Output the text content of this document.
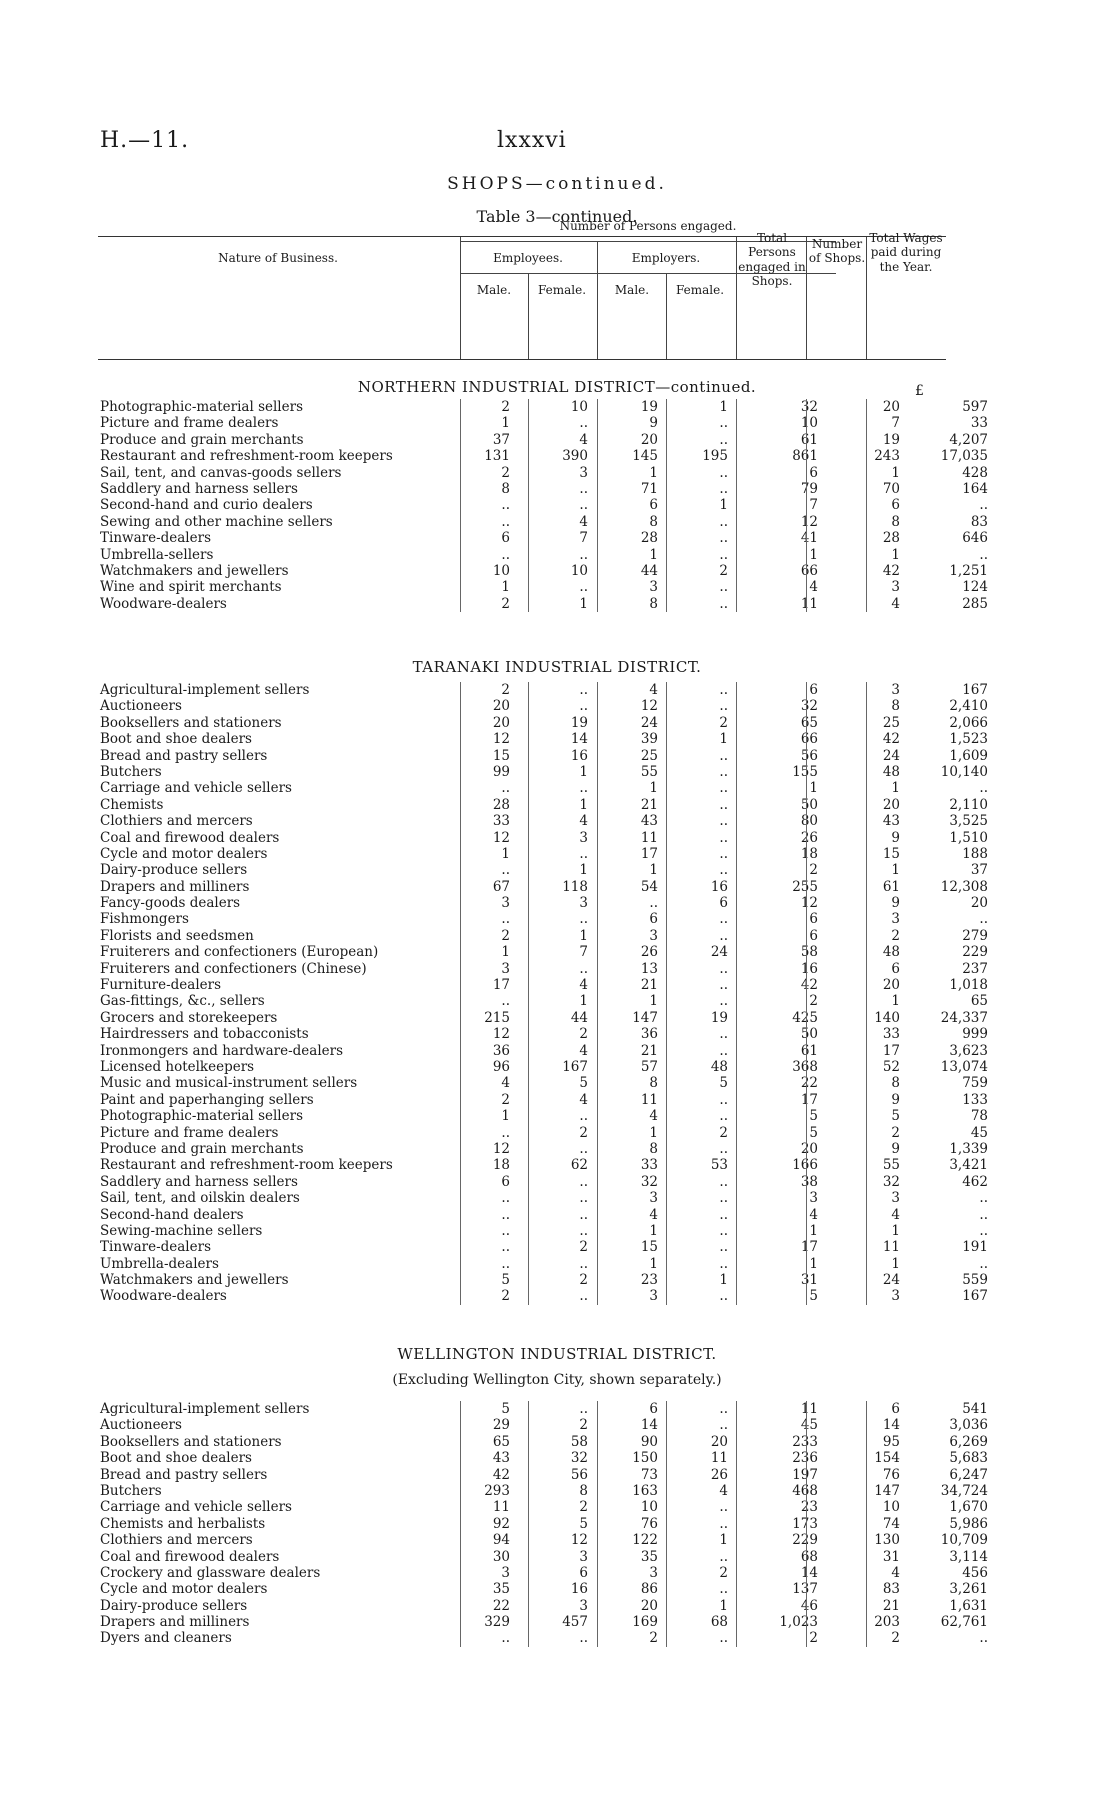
H.—11.	lxxxvi
SHOPS—continued.
Table 3—continued.
Nature of Business.
Number of Persons engaged.
Employees.	Employers.
Male.	Female.	Male.	Female.
Total Persons engaged in Shops.
Number of Shops.
Total Wages paid during the Year.
£
NORTHERN INDUSTRIAL DISTRICT—continued.
Photographic-material sellers	2	10	19	1	32	20	597
Picture and frame dealers	1	..	9	..	10	7	33
Produce and grain merchants	37	4	20	..	61	19	4,207
Restaurant and refreshment-room keepers	131	390	145	195	861	243	17,035
Sail, tent, and canvas-goods sellers	2	3	1	..	6	1	428
Saddlery and harness sellers	8	..	71	..	79	70	164
Second-hand and curio dealers	..	..	6	1	7	6	..
Sewing and other machine sellers	..	4	8	..	12	8	83
Tinware-dealers	6	7	28	..	41	28	646
Umbrella-sellers	..	..	1	..	1	1	..
Watchmakers and jewellers	10	10	44	2	66	42	1,251
Wine and spirit merchants	1	..	3	..	4	3	124
Woodware-dealers	2	1	8	..	11	4	285
TARANAKI INDUSTRIAL DISTRICT.
Agricultural-implement sellers	2	..	4	..	6	3	167
Auctioneers	20	..	12	..	32	8	2,410
Booksellers and stationers	20	19	24	2	65	25	2,066
Boot and shoe dealers	12	14	39	1	66	42	1,523
Bread and pastry sellers	15	16	25	..	56	24	1,609
Butchers	99	1	55	..	155	48	10,140
Carriage and vehicle sellers	..	..	1	..	1	1	..
Chemists	28	1	21	..	50	20	2,110
Clothiers and mercers	33	4	43	..	80	43	3,525
Coal and firewood dealers	12	3	11	..	26	9	1,510
Cycle and motor dealers	1	..	17	..	18	15	188
Dairy-produce sellers	..	1	1	..	2	1	37
Drapers and milliners	67	118	54	16	255	61	12,308
Fancy-goods dealers	3	3	..	6	12	9	20
Fishmongers	..	..	6	..	6	3	..
Florists and seedsmen	2	1	3	..	6	2	279
Fruiterers and confectioners (European)	1	7	26	24	58	48	229
Fruiterers and confectioners (Chinese)	3	..	13	..	16	6	237
Furniture-dealers	17	4	21	..	42	20	1,018
Gas-fittings, &c., sellers	..	1	1	..	2	1	65
Grocers and storekeepers	215	44	147	19	425	140	24,337
Hairdressers and tobacconists	12	2	36	..	50	33	999
Ironmongers and hardware-dealers	36	4	21	..	61	17	3,623
Licensed hotelkeepers	96	167	57	48	368	52	13,074
Music and musical-instrument sellers	4	5	8	5	22	8	759
Paint and paperhanging sellers	2	4	11	..	17	9	133
Photographic-material sellers	1	..	4	..	5	5	78
Picture and frame dealers	..	2	1	2	5	2	45
Produce and grain merchants	12	..	8	..	20	9	1,339
Restaurant and refreshment-room keepers	18	62	33	53	166	55	3,421
Saddlery and harness sellers	6	..	32	..	38	32	462
Sail, tent, and oilskin dealers	..	..	3	..	3	3	..
Second-hand dealers	..	..	4	..	4	4	..
Sewing-machine sellers	..	..	1	..	1	1	..
Tinware-dealers	..	2	15	..	17	11	191
Umbrella-dealers	..	..	1	..	1	1	..
Watchmakers and jewellers	5	2	23	1	31	24	559
Woodware-dealers	2	..	3	..	5	3	167
WELLINGTON INDUSTRIAL DISTRICT.
(Excluding Wellington City, shown separately.)
Agricultural-implement sellers	5	..	6	..	11	6	541
Auctioneers	29	2	14	..	45	14	3,036
Booksellers and stationers	65	58	90	20	233	95	6,269
Boot and shoe dealers	43	32	150	11	236	154	5,683
Bread and pastry sellers	42	56	73	26	197	76	6,247
Butchers	293	8	163	4	468	147	34,724
Carriage and vehicle sellers	11	2	10	..	23	10	1,670
Chemists and herbalists	92	5	76	..	173	74	5,986
Clothiers and mercers	94	12	122	1	229	130	10,709
Coal and firewood dealers	30	3	35	..	68	31	3,114
Crockery and glassware dealers	3	6	3	2	14	4	456
Cycle and motor dealers	35	16	86	..	137	83	3,261
Dairy-produce sellers	22	3	20	1	46	21	1,631
Drapers and milliners	329	457	169	68	1,023	203	62,761
Dyers and cleaners	..	..	2	..	2	2	..
